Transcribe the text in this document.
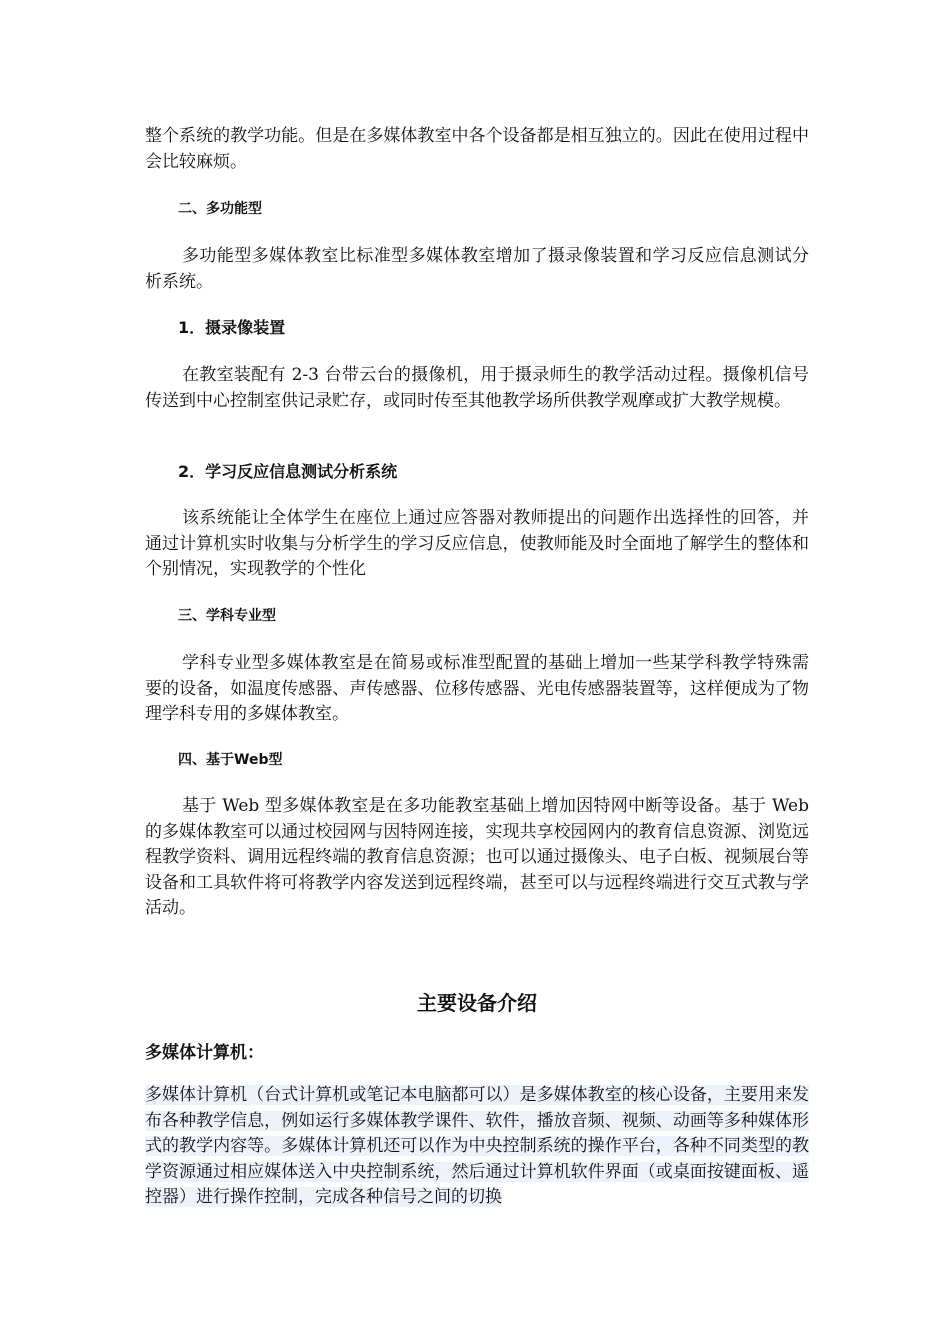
整个系统的教学功能。但是在多媒体教室中各个设备都是相互独立的。因此在使用过程中会比较麻烦。

二、多功能型

多功能型多媒体教室比标准型多媒体教室增加了摄录像装置和学习反应信息测试分析系统。

1．摄录像装置

在教室装配有 2-3 台带云台的摄像机，用于摄录师生的教学活动过程。摄像机信号传送到中心控制室供记录贮存，或同时传至其他教学场所供教学观摩或扩大教学规模。

2．学习反应信息测试分析系统

该系统能让全体学生在座位上通过应答器对教师提出的问题作出选择性的回答，并通过计算机实时收集与分析学生的学习反应信息，使教师能及时全面地了解学生的整体和个别情况，实现教学的个性化

三、学科专业型

学科专业型多媒体教室是在简易或标准型配置的基础上增加一些某学科教学特殊需要的设备，如温度传感器、声传感器、位移传感器、光电传感器装置等，这样便成为了物理学科专用的多媒体教室。

四、基于Web型

基于 Web 型多媒体教室是在多功能教室基础上增加因特网中断等设备。基于 Web 的多媒体教室可以通过校园网与因特网连接，实现共享校园网内的教育信息资源、浏览远程教学资料、调用远程终端的教育信息资源；也可以通过摄像头、电子白板、视频展台等设备和工具软件将可将教学内容发送到远程终端，甚至可以与远程终端进行交互式教与学活动。

主要设备介绍
多媒体计算机：

多媒体计算机（台式计算机或笔记本电脑都可以）是多媒体教室的核心设备，主要用来发布各种教学信息，例如运行多媒体教学课件、软件，播放音频、视频、动画等多种媒体形式的教学内容等。多媒体计算机还可以作为中央控制系统的操作平台，各种不同类型的教学资源通过相应媒体送入中央控制系统，然后通过计算机软件界面（或桌面按键面板、遥控器）进行操作控制，完成各种信号之间的切换
